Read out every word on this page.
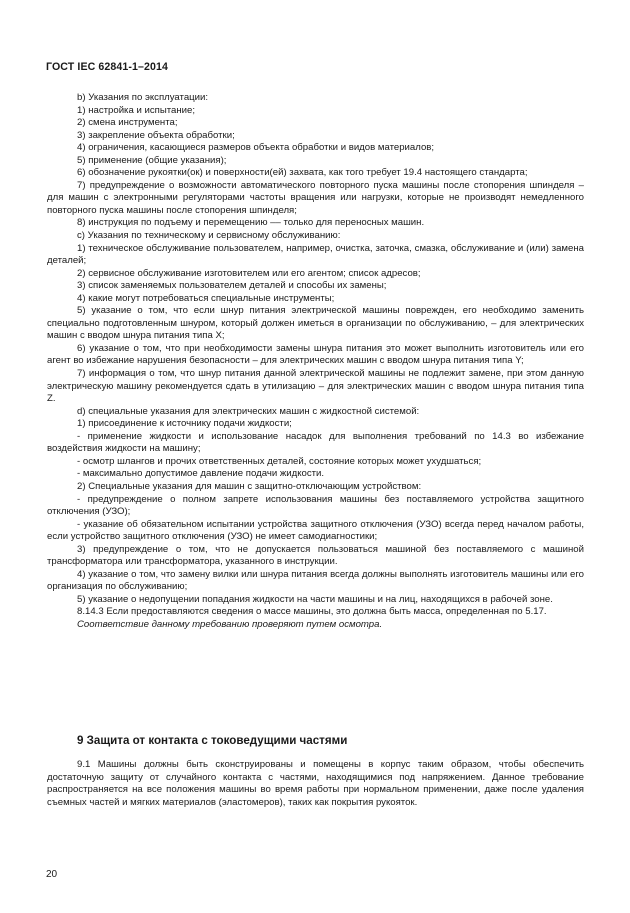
ГОСТ IEC 62841-1–2014

b) Указания по эксплуатации:

1) настройка и испытание;

2) смена инструмента;

3) закрепление объекта обработки;

4) ограничения, касающиеся размеров объекта обработки и видов материалов;

5) применение (общие указания);

6) обозначение рукоятки(ок) и поверхности(ей) захвата, как того требует 19.4 настоящего стандарта;

7) предупреждение о возможности автоматического повторного пуска машины после стопорения шпинделя – для машин с электронными регуляторами частоты вращения или нагрузки, которые не производят немедленного повторного пуска машины после стопорения шпинделя;

8) инструкция по подъему и перемещению –– только для переносных машин.

c) Указания по техническому и сервисному обслуживанию:

1) техническое обслуживание пользователем, например, очистка, заточка, смазка, обслуживание и (или) замена деталей;

2) сервисное обслуживание изготовителем или его агентом; список адресов;

3) список заменяемых пользователем деталей и способы их замены;

4) какие могут потребоваться специальные инструменты;

5) указание о том, что если шнур питания электрической машины поврежден, его необходимо заменить специально подготовленным шнуром, который должен иметься в организации по обслуживанию, – для электрических машин с вводом шнура питания типа X;

6) указание о том, что при необходимости замены шнура питания это может выполнить изготовитель или его агент во избежание нарушения безопасности – для электрических машин с вводом шнура питания типа Y;

7) информация о том, что шнур питания данной электрической машины не подлежит замене, при этом данную электрическую машину рекомендуется сдать в утилизацию – для электрических машин с вводом шнура питания типа Z.

d) специальные указания для электрических машин с жидкостной системой:

1) присоединение к источнику подачи жидкости;

- применение жидкости и использование насадок для выполнения требований по 14.3 во избежание воздействия жидкости на машину;

- осмотр шлангов и прочих ответственных деталей, состояние которых может ухудшаться;

- максимально допустимое давление подачи жидкости.

2) Специальные указания для машин с защитно-отключающим устройством:

- предупреждение о полном запрете использования машины без поставляемого устройства защитного отключения (УЗО);

- указание об обязательном испытании устройства защитного отключения (УЗО) всегда перед началом работы, если устройство защитного отключения (УЗО) не имеет самодиагностики;

3) предупреждение о том, что не допускается пользоваться машиной без поставляемого с машиной трансформатора или трансформатора, указанного в инструкции.

4) указание о том, что замену вилки или шнура питания всегда должны выполнять изготовитель машины или его организация по обслуживанию;

5) указание о недопущении попадания жидкости на части машины и на лиц, находящихся в рабочей зоне.

8.14.3 Если предоставляются сведения о массе машины, это должна быть масса, определенная по 5.17.

Соответствие данному требованию проверяют путем осмотра.

9 Защита от контакта с токоведущими частями

9.1 Машины должны быть сконструированы и помещены в корпус таким образом, чтобы обеспечить достаточную защиту от случайного контакта с частями, находящимися под напряжением. Данное требование распространяется на все положения машины во время работы при нормальном применении, даже после удаления съемных частей и мягких материалов (эластомеров), таких как покрытия рукояток.

20
